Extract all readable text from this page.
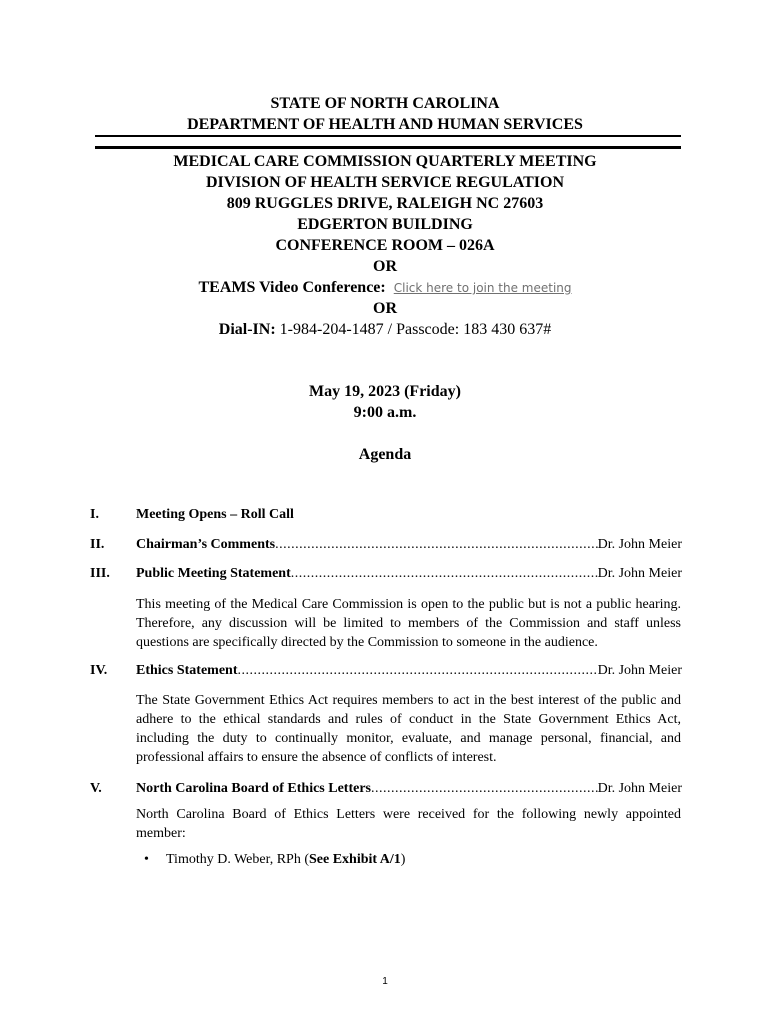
STATE OF NORTH CAROLINA
DEPARTMENT OF HEALTH AND HUMAN SERVICES
MEDICAL CARE COMMISSION QUARTERLY MEETING
DIVISION OF HEALTH SERVICE REGULATION
809 RUGGLES DRIVE, RALEIGH NC 27603
EDGERTON BUILDING
CONFERENCE ROOM – 026A
OR
TEAMS Video Conference: Click here to join the meeting
OR
Dial-IN: 1-984-204-1487 / Passcode: 183 430 637#
May 19, 2023 (Friday)
9:00 a.m.
Agenda
I.	Meeting Opens – Roll Call
II. Chairman’s Comments .....	Dr. John Meier
III. Public Meeting Statement .....	Dr. John Meier
This meeting of the Medical Care Commission is open to the public but is not a public hearing. Therefore, any discussion will be limited to members of the Commission and staff unless questions are specifically directed by the Commission to someone in the audience.
IV. Ethics Statement .....	Dr. John Meier
The State Government Ethics Act requires members to act in the best interest of the public and adhere to the ethical standards and rules of conduct in the State Government Ethics Act, including the duty to continually monitor, evaluate, and manage personal, financial, and professional affairs to ensure the absence of conflicts of interest.
V. North Carolina Board of Ethics Letters .....	Dr. John Meier
North Carolina Board of Ethics Letters were received for the following newly appointed member:
• Timothy D. Weber, RPh (See Exhibit A/1)
1
